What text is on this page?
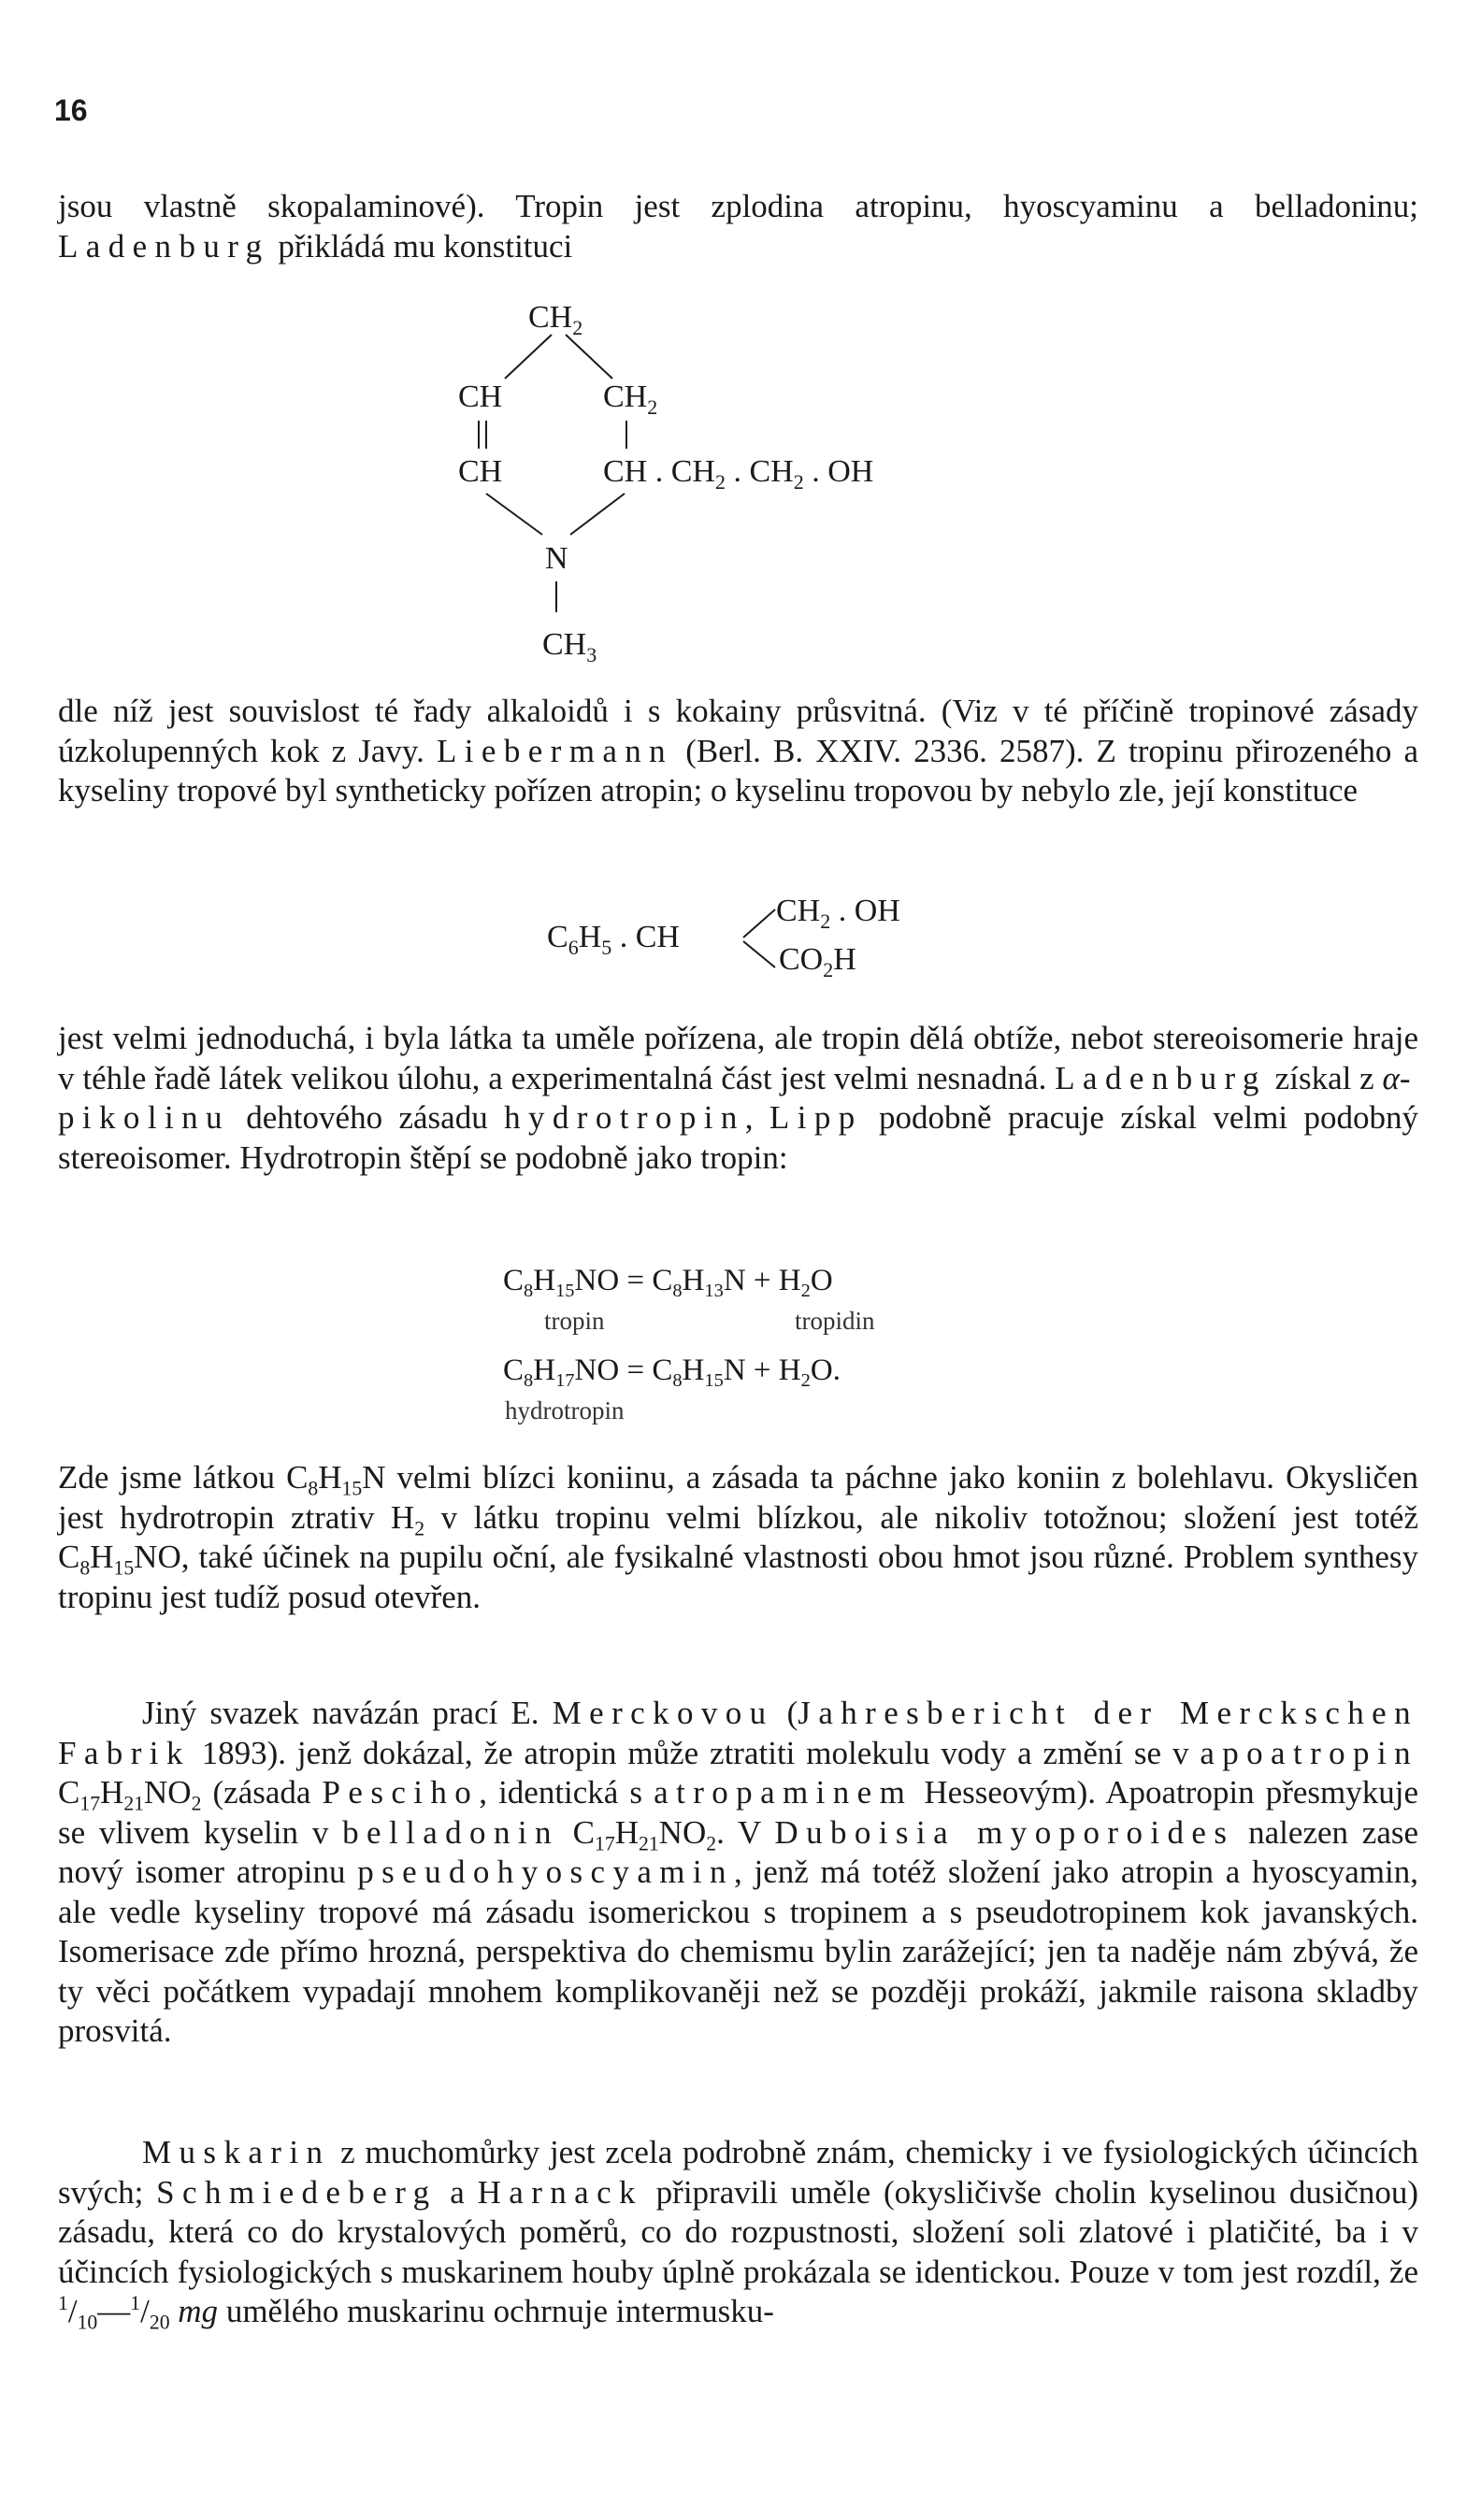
16

jsou vlastně skopalaminové). Tropin jest zplodina atropinu, hyoscyaminu a belladoninu; Ladenburg přikládá mu konstituci

$CH_2$
CH	$CH_2$
CH	CH . $CH_2$ . $CH_2$ . OH
N
$CH_3$

dle níž jest souvislost té řady alkaloidů i s kokainy průsvitná. (Viz v té příčině tropinové zásady úzkolupenných kok z Javy. Liebermann (Berl. B. XXIV. 2336. 2587). Z tropinu přirozeného a kyseliny tropové byl syntheticky pořízen atropin; o kyselinu tropovou by nebylo zle, její konstituce

$C_6H_5$ . CH
$CH_2$ . OH
$CO_2H$

jest velmi jednoduchá, i byla látka ta uměle pořízena, ale tropin dělá obtíže, nebot stereoisomerie hraje v téhle řadě látek velikou úlohu, a experimentalná část jest velmi nesnadná. Ladenburg získal z α- pikolinu dehtového zásadu hydrotropin, Lipp podobně pracuje získal velmi podobný stereoisomer. Hydrotropin štěpí se podobně jako tropin:

$C_8H_{15}NO = C_8H_{13}N + H_2O$
tropin	tropidin
$C_8H_{17}NO = C_8H_{15}N + H_2O$.
hydrotropin

Zde jsme látkou $C_8H_{15}N$ velmi blízci koniinu, a zásada ta páchne jako koniin z bolehlavu. Okysličen jest hydrotropin ztrativ $H_2$ v látku tropinu velmi blízkou, ale nikoliv totožnou; složení jest totéž $C_8H_{15}NO$, také účinek na pupilu oční, ale fysikalné vlastnosti obou hmot jsou různé. Problem synthesy tropinu jest tudíž posud otevřen.

Jiný svazek navázán prací E. Merckovou (Jahresbericht der Merckschen Fabrik 1893). jenž dokázal, že atropin může ztratiti molekulu vody a změní se v apoatropin $C_{17}H_{21}NO_2$ (zásada Pesciho, identická s atropaminem Hesseovým). Apoatropin přesmykuje se vlivem kyselin v belladonin $C_{17}H_{21}NO_2$. V Duboisia myoporoides nalezen zase nový isomer atropinu pseudohyoscyamin, jenž má totéž složení jako atropin a hyoscyamin, ale vedle kyseliny tropové má zásadu isomerickou s tropinem a s pseudotropinem kok javanských. Isomerisace zde přímo hrozná, perspektiva do chemismu bylin zarážející; jen ta naděje nám zbývá, že ty věci počátkem vypadají mnohem komplikovaněji než se později prokáží, jakmile raisona skladby prosvitá.

Muskarin z muchomůrky jest zcela podrobně znám, chemicky i ve fysiologických účincích svých; Schmiedeberg a Harnack připravili uměle (okysličivše cholin kyselinou dusičnou) zásadu, která co do krystalových poměrů, co do rozpustnosti, složení soli zlatové i platičité, ba i v účincích fysiologických s muskarinem houby úplně prokázala se identickou. Pouze v tom jest rozdíl, že $^1/_{10}—^1/_{20}$ mg umělého muskarinu ochrnuje intermusku-
